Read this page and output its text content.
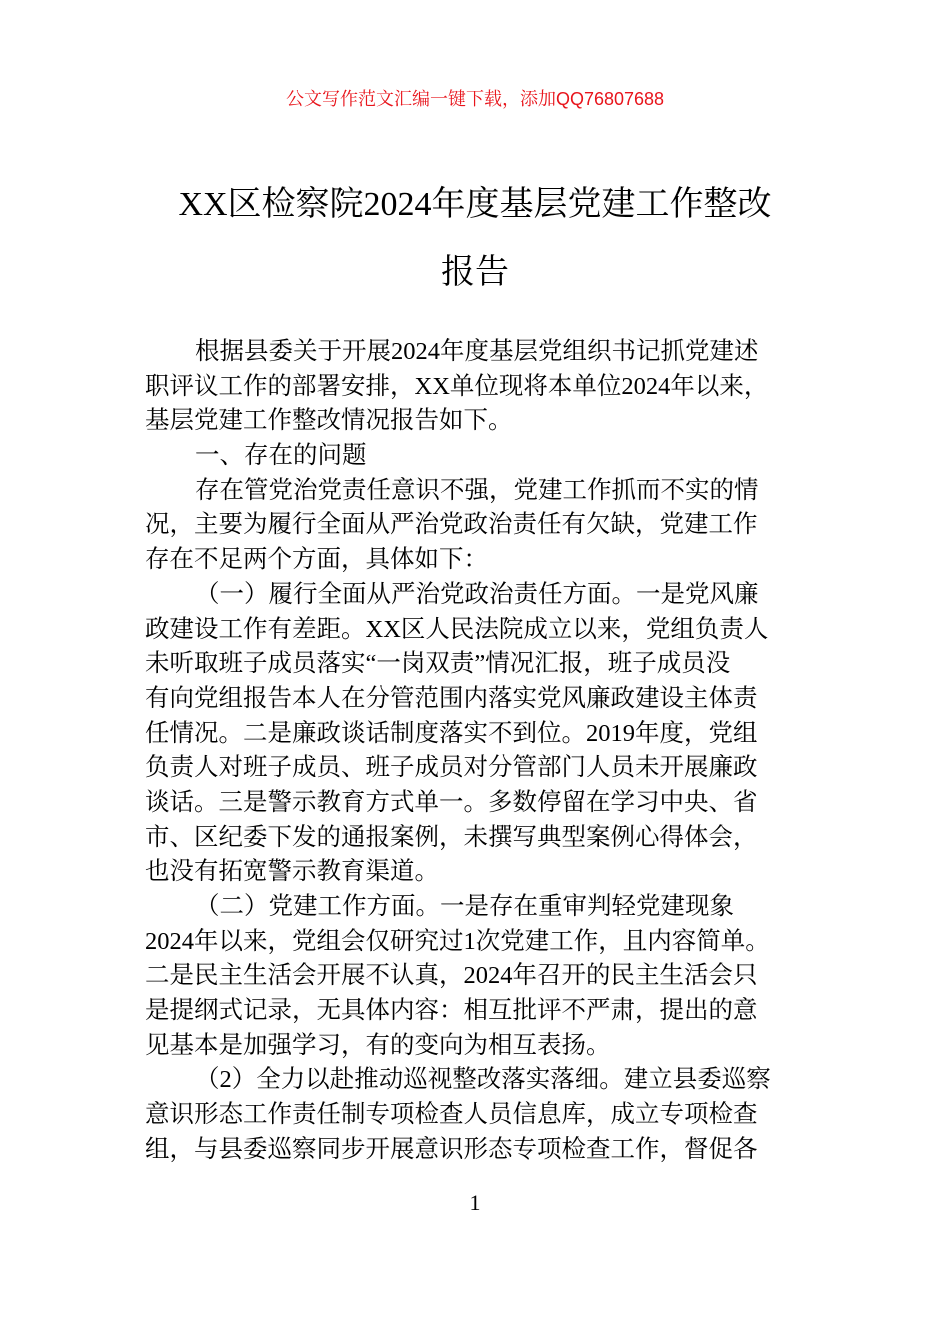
公文写作范文汇编一键下载，添加QQ76807688
XX区检察院2024年度基层党建工作整改
报告
根据县委关于开展2024年度基层党组织书记抓党建述
职评议工作的部署安排，XX单位现将本单位2024年以来，
基层党建工作整改情况报告如下。
一、存在的问题
存在管党治党责任意识不强，党建工作抓而不实的情
况，主要为履行全面从严治党政治责任有欠缺，党建工作
存在不足两个方面，具体如下：
（一）履行全面从严治党政治责任方面。一是党风廉
政建设工作有差距。XX区人民法院成立以来，党组负责人
未听取班子成员落实“一岗双责”情况汇报，班子成员没
有向党组报告本人在分管范围内落实党风廉政建设主体责
任情况。二是廉政谈话制度落实不到位。2019年度，党组
负责人对班子成员、班子成员对分管部门人员未开展廉政
谈话。三是警示教育方式单一。多数停留在学习中央、省
市、区纪委下发的通报案例，未撰写典型案例心得体会，
也没有拓宽警示教育渠道。
（二）党建工作方面。一是存在重审判轻党建现象
2024年以来，党组会仅研究过1次党建工作，且内容简单。
二是民主生活会开展不认真，2024年召开的民主生活会只
是提纲式记录，无具体内容：相互批评不严肃，提出的意
见基本是加强学习，有的变向为相互表扬。
（2）全力以赴推动巡视整改落实落细。建立县委巡察
意识形态工作责任制专项检查人员信息库，成立专项检查
组，与县委巡察同步开展意识形态专项检查工作，督促各
1
